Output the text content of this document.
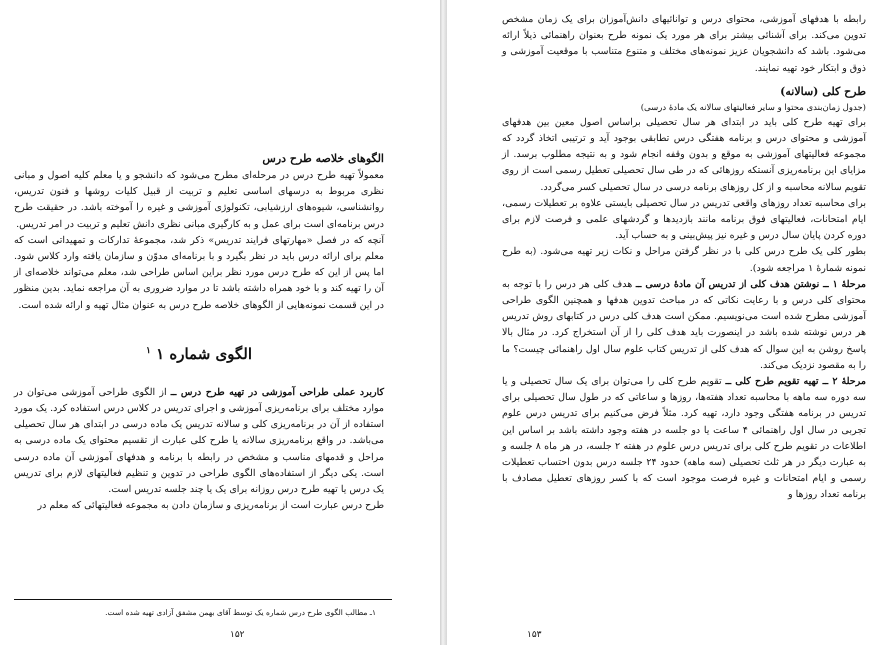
الگوهای خلاصه طرح درس

معمولاً تهیه طرح درس در مرحله‌ای مطرح می‌شود که دانشجو و یا معلم کلیه اصول و مبانی نظری مربوط به درسهای اساسی تعلیم و تربیت از قبیل کلیات روشها و فنون تدریس، روانشناسی، شیوه‌های ارزشیابی، تکنولوژی آموزشی و غیره را آموخته باشد. در حقیقت طرح درس برنامه‌ای است برای عمل و به کارگیری مبانی نظری دانش تعلیم و تربیت در امر تدریس.

آنچه که در فصل «مهارتهای فرایند تدریس» ذکر شد، مجموعهٔ تدارکات و تمهیداتی است که معلم برای ارائه درس باید در نظر بگیرد و با برنامه‌ای مدوّن و سازمان یافته وارد کلاس شود. اما پس از این که طرح درس مورد نظر براین اساس طراحی شد، معلم می‌تواند خلاصه‌ای از آن را تهیه کند و با خود همراه داشته باشد تا در موارد ضروری به آن مراجعه نماید. بدین منظور در این قسمت نمونه‌هایی از الگوهای خلاصه طرح درس به عنوان مثال تهیه و ارائه شده است.

الگوی شماره ۱ $^۱$

کاربرد عملی طراحی آموزشی در تهیه طرح درس ــ از الگوی طراحی آموزشی می‌توان در موارد مختلف برای برنامه‌ریزی آموزشی و اجرای تدریس در کلاس درس استفاده کرد. یک مورد استفاده از آن در برنامه‌ریزی کلی و سالانه تدریس یک ماده درسی در ابتدای هر سال تحصیلی می‌باشد. در واقع برنامه‌ریزی سالانه یا طرح کلی عبارت از تقسیم محتوای یک ماده درسی به مراحل و قدمهای مناسب و مشخص در رابطه با برنامه و هدفهای آموزشی آن ماده درسی است. یکی دیگر از استفاده‌های الگوی طراحی در تدوین و تنظیم فعالیتهای لازم برای تدریس یک درس یا تهیه طرح درس روزانه برای یک یا چند جلسه تدریس است.

طرح درس عبارت است از برنامه‌ریزی و سازمان دادن به مجموعه فعالیتهائی که معلم در

۱ـ مطالب الگوی طرح درس شماره یک توسط آقای بهمن مشفق آزادی تهیه شده است.
۱۵۲

رابطه با هدفهای آموزشی، محتوای درس و توانائیهای دانش‌آموزان برای یک زمان مشخص تدوین می‌کند. برای آشنائی بیشتر برای هر مورد یک نمونه طرح بعنوان راهنمائی ذیلاً ارائه می‌شود. باشد که دانشجویان عزیز نمونه‌های مختلف و متنوع متناسب با موقعیت آموزشی و ذوق و ابتکار خود تهیه نمایند.

طرح کلی (سالانه)

(جدول زمان‌بندی محتوا و سایر فعالیتهای سالانه یک مادهٔ درسی)

برای تهیه طرح کلی باید در ابتدای هر سال تحصیلی براساس اصول معین بین هدفهای آموزشی و محتوای درس و برنامه هفتگی درس تطابقی بوجود آید و ترتیبی اتخاذ گردد که مجموعه فعالیتهای آموزشی به موقع و بدون وقفه انجام شود و به نتیجه مطلوب برسد. از مزایای این برنامه‌ریزی آنستکه روزهائی که در طی سال تحصیلی تعطیل رسمی است از روی تقویم سالانه محاسبه و از کل روزهای برنامه درسی در سال تحصیلی کسر می‌گردد.

برای محاسبه تعداد روزهای واقعی تدریس در سال تحصیلی بایستی علاوه بر تعطیلات رسمی، ایام امتحانات، فعالیتهای فوق برنامه مانند بازدیدها و گردشهای علمی و فرصت لازم برای دوره کردن پایان سال درس و غیره نیز پیش‌بینی و به حساب آید.

بطور کلی یک طرح درس کلی با در نظر گرفتن مراحل و نکات زیر تهیه می‌شود. (به طرح نمونه شمارهٔ ۱ مراجعه شود).

مرحلهٔ ۱ ــ نوشتن هدف کلی از تدریس آن مادهٔ درسی ــ هدف کلی هر درس را با توجه به محتوای کلی درس و با رعایت نکاتی که در مباحث تدوین هدفها و همچنین الگوی طراحی آموزشی مطرح شده است می‌نویسیم. ممکن است هدف کلی درس در کتابهای روش تدریس هر درس نوشته شده باشد در اینصورت باید هدف کلی را از آن استخراج کرد. در مثال بالا پاسخ روشن به این سوال که هدف کلی از تدریس کتاب علوم سال اول راهنمائی چیست؟ ما را به مقصود نزدیک می‌کند.

مرحلهٔ ۲ ــ تهیه تقویم طرح کلی ــ تقویم طرح کلی را می‌توان برای یک سال تحصیلی و یا سه دوره سه ماهه با محاسبه تعداد هفته‌ها، روزها و ساعاتی که در طول سال تحصیلی برای تدریس در برنامه هفتگی وجود دارد، تهیه کرد. مثلاً فرض می‌کنیم برای تدریس درس علوم تجربی در سال اول راهنمائی ۴ ساعت یا دو جلسه در هفته وجود داشته باشد بر اساس این اطلاعات در تقویم طرح کلی برای تدریس درس علوم در هفته ۲ جلسه، در هر ماه ۸ جلسه و به عبارت دیگر در هر ثلث تحصیلی (سه ماهه) حدود ۲۴ جلسه درس بدون احتساب تعطیلات رسمی و ایام امتحانات و غیره فرصت موجود است که با کسر روزهای تعطیل مصادف با برنامه تعداد روزها و

۱۵۳
